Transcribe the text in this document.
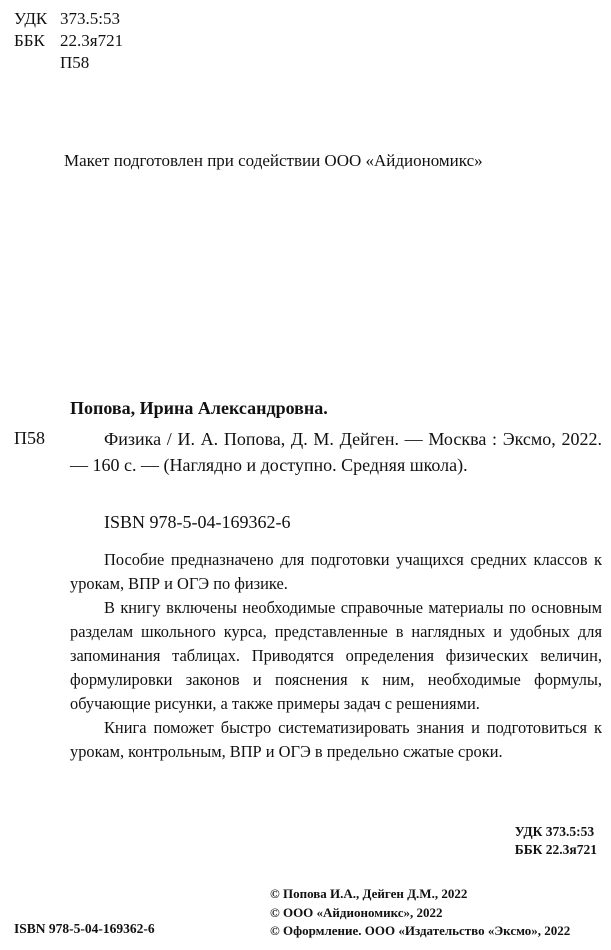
УДК 373.5:53
ББК 22.3я721
П58
Макет подготовлен при содействии ООО «Айдиономикс»
Попова, Ирина Александровна.
П58	Физика / И. А. Попова, Д. М. Дейген. — Москва : Эксмо, 2022. — 160 с. — (Наглядно и доступно. Средняя школа).
ISBN 978-5-04-169362-6

Пособие предназначено для подготовки учащихся средних классов к урокам, ВПР и ОГЭ по физике.

В книгу включены необходимые справочные материалы по основным разделам школьного курса, представленные в наглядных и удобных для запоминания таблицах. Приводятся определения физических величин, формулировки законов и пояснения к ним, необходимые формулы, обучающие рисунки, а также примеры задач с решениями.

Книга поможет быстро систематизировать знания и подготовиться к урокам, контрольным, ВПР и ОГЭ в предельно сжатые сроки.

УДК 373.5:53
ББК 22.3я721
© Попова И.А., Дейген Д.М., 2022
© ООО «Айдиономикс», 2022
© Оформление. ООО «Издательство «Эксмо», 2022
ISBN 978-5-04-169362-6
